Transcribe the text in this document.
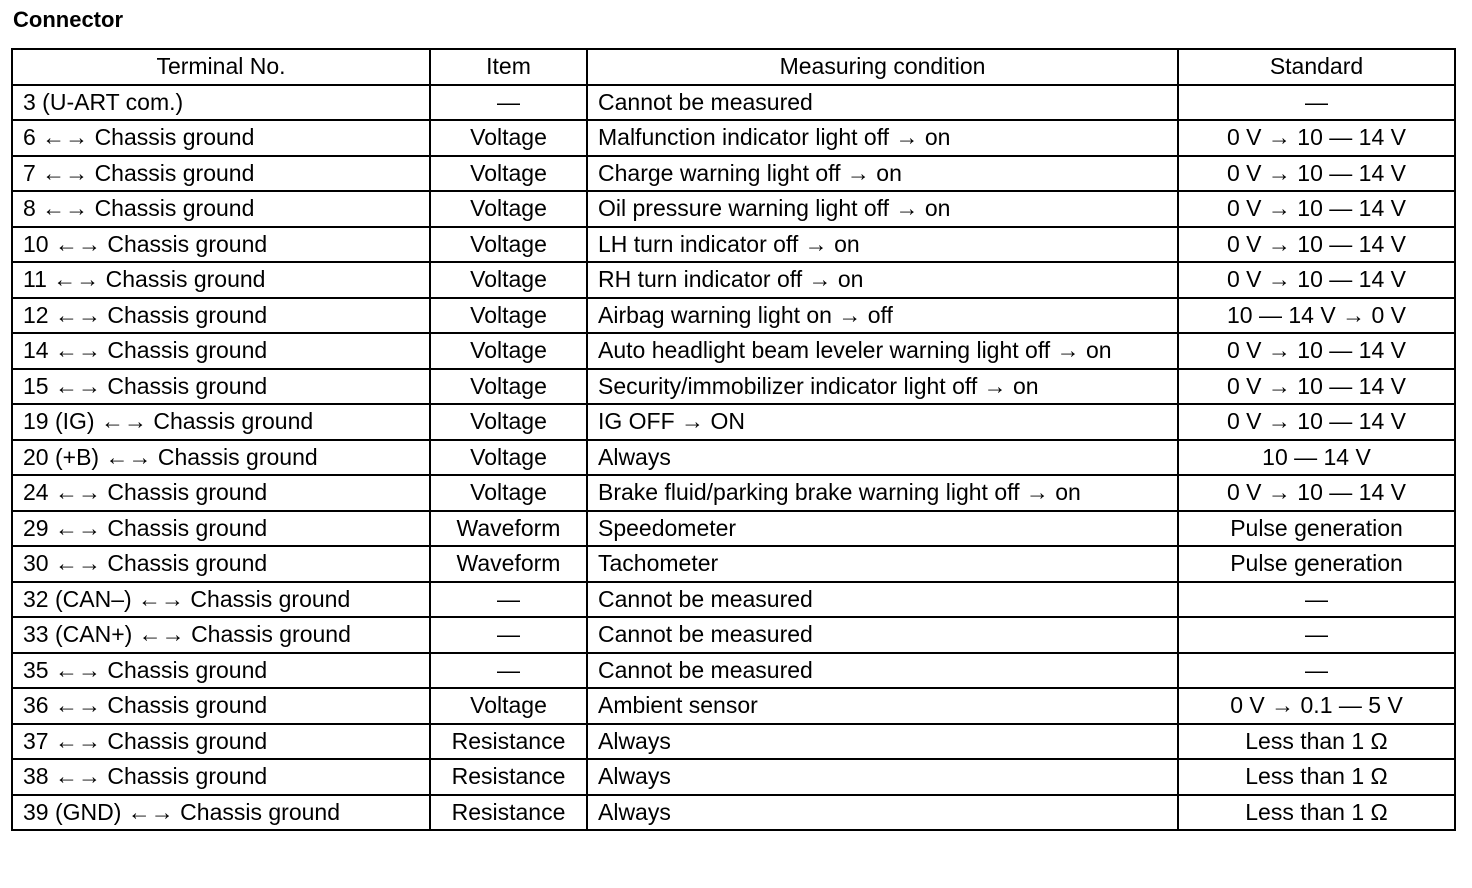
Connector
Terminal No.	Item	Measuring condition	Standard
3 (U-ART com.)	—	Cannot be measured	—
6 ←→ Chassis ground	Voltage	Malfunction indicator light off → on	0 V → 10 — 14 V
7 ←→ Chassis ground	Voltage	Charge warning light off → on	0 V → 10 — 14 V
8 ←→ Chassis ground	Voltage	Oil pressure warning light off → on	0 V → 10 — 14 V
10 ←→ Chassis ground	Voltage	LH turn indicator off → on	0 V → 10 — 14 V
11 ←→ Chassis ground	Voltage	RH turn indicator off → on	0 V → 10 — 14 V
12 ←→ Chassis ground	Voltage	Airbag warning light on → off	10 — 14 V → 0 V
14 ←→ Chassis ground	Voltage	Auto headlight beam leveler warning light off → on	0 V → 10 — 14 V
15 ←→ Chassis ground	Voltage	Security/immobilizer indicator light off → on	0 V → 10 — 14 V
19 (IG) ←→ Chassis ground	Voltage	IG OFF → ON	0 V → 10 — 14 V
20 (+B) ←→ Chassis ground	Voltage	Always	10 — 14 V
24 ←→ Chassis ground	Voltage	Brake fluid/parking brake warning light off → on	0 V → 10 — 14 V
29 ←→ Chassis ground	Waveform	Speedometer	Pulse generation
30 ←→ Chassis ground	Waveform	Tachometer	Pulse generation
32 (CAN–) ←→ Chassis ground	—	Cannot be measured	—
33 (CAN+) ←→ Chassis ground	—	Cannot be measured	—
35 ←→ Chassis ground	—	Cannot be measured	—
36 ←→ Chassis ground	Voltage	Ambient sensor	0 V → 0.1 — 5 V
37 ←→ Chassis ground	Resistance	Always	Less than 1 Ω
38 ←→ Chassis ground	Resistance	Always	Less than 1 Ω
39 (GND) ←→ Chassis ground	Resistance	Always	Less than 1 Ω
